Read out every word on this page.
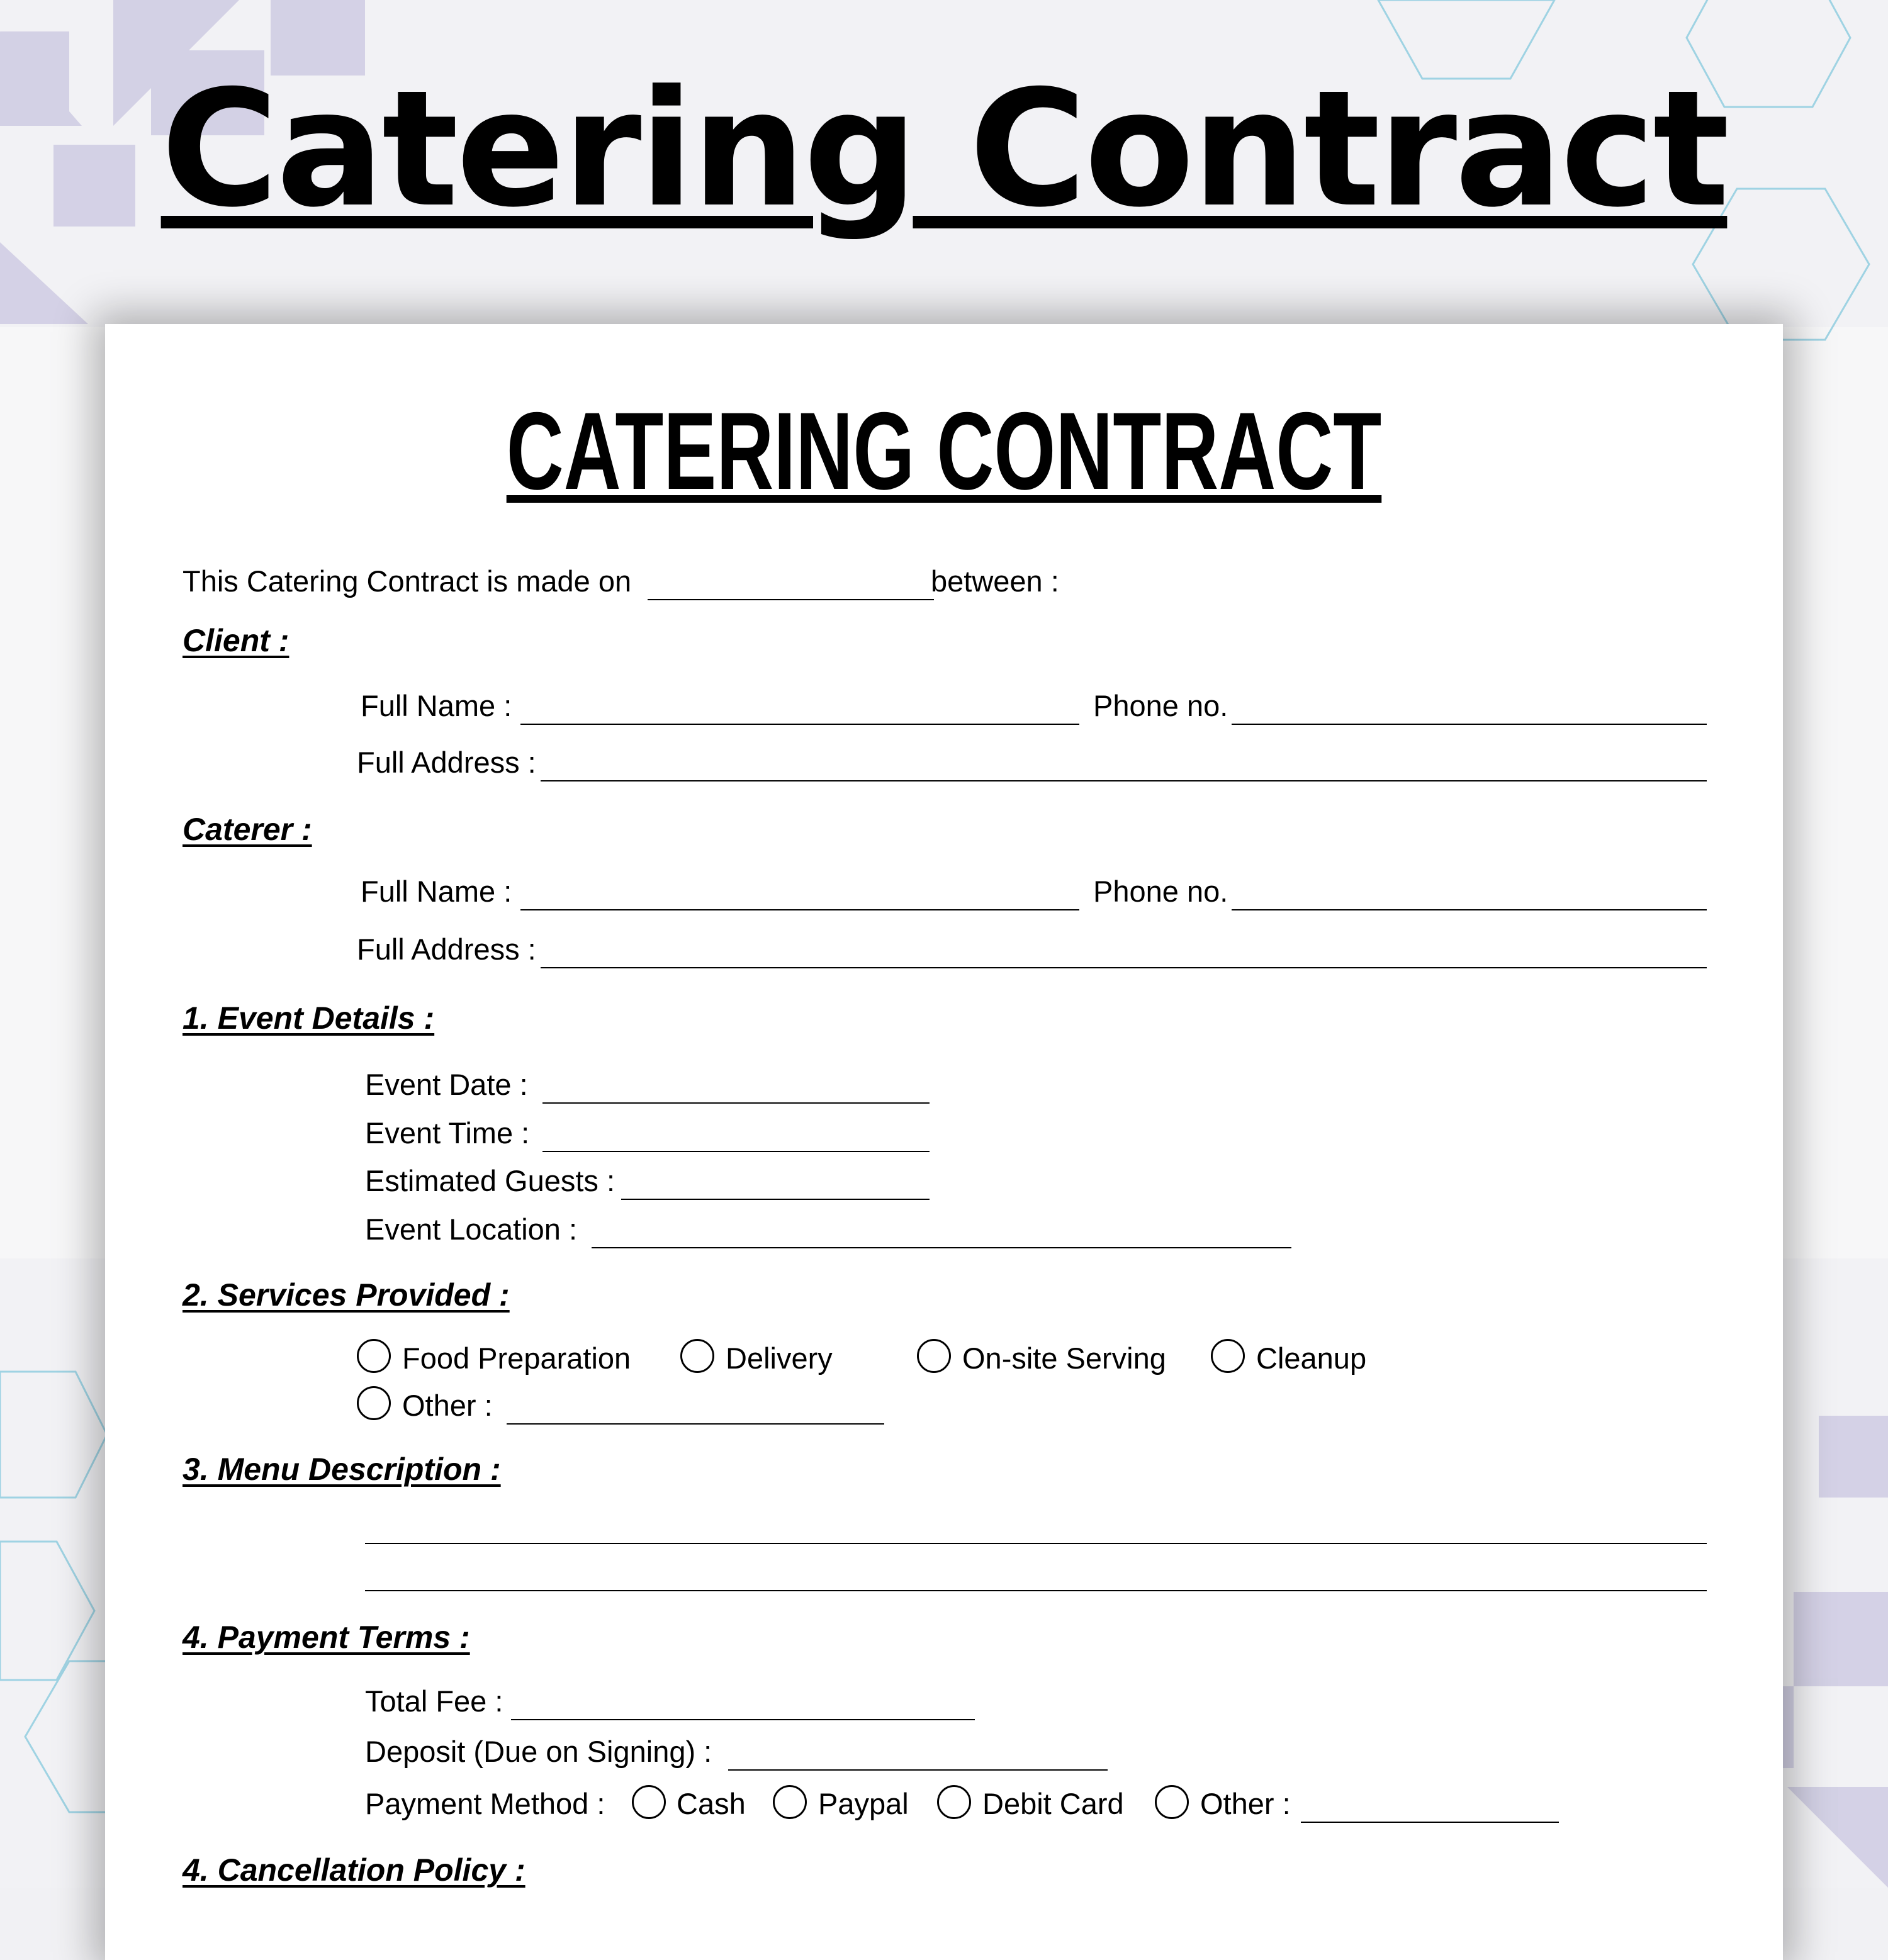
Catering Contract
CATERING CONTRACT
This Catering Contract is made on	between :
Client :
Full Name :	Phone no.
Full Address :
Caterer :
Full Name :	Phone no.
Full Address :
1. Event Details :
Event Date :
Event Time :
Estimated Guests :
Event Location :
2. Services Provided :
Food Preparation	Delivery	On-site Serving	Cleanup
Other :
3. Menu Description :
4. Payment Terms :
Total Fee :
Deposit (Due on Signing) :
Payment Method : Cash Paypal Debit Card	Other :
4. Cancellation Policy :
